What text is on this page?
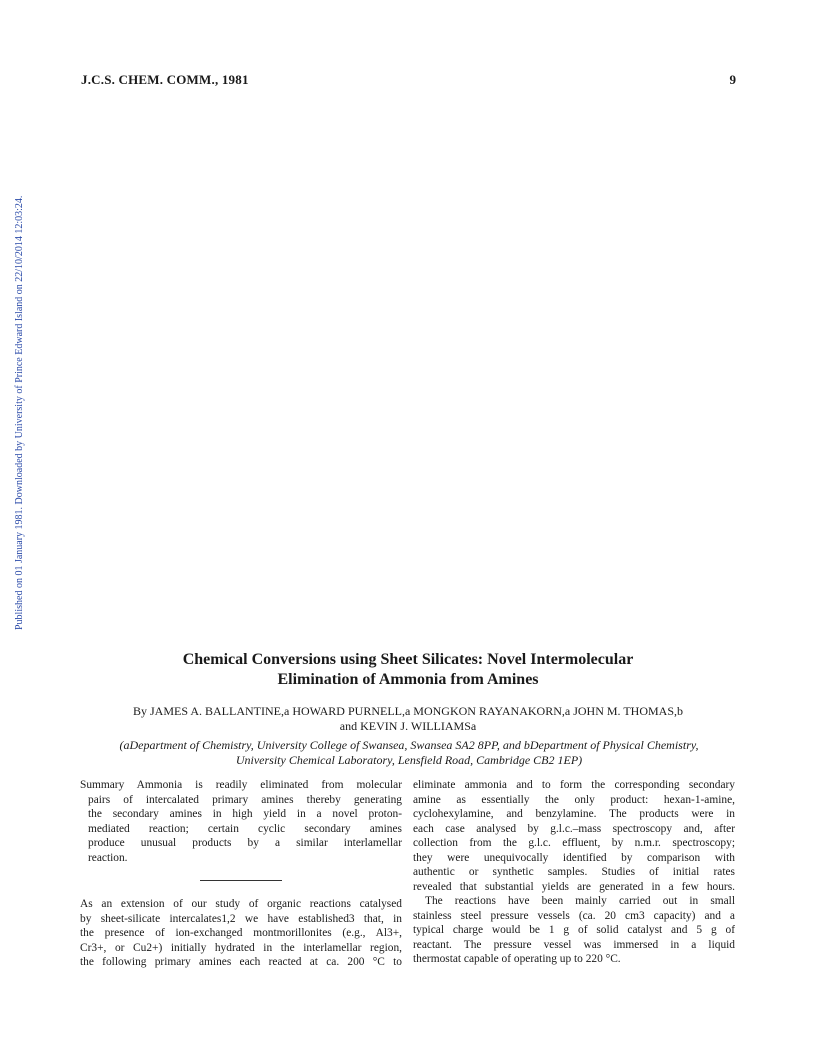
J.C.S. CHEM. COMM., 1981	9
Published on 01 January 1981. Downloaded by University of Prince Edward Island on 22/10/2014 12:03:24.
Chemical Conversions using Sheet Silicates: Novel Intermolecular
Elimination of Ammonia from Amines
By JAMES A. BALLANTINE,a HOWARD PURNELL,a MONGKON RAYANAKORN,a JOHN M. THOMAS,b
and KEVIN J. WILLIAMSa
(aDepartment of Chemistry, University College of Swansea, Swansea SA2 8PP, and bDepartment of Physical Chemistry,
University Chemical Laboratory, Lensfield Road, Cambridge CB2 1EP)
Summary Ammonia is readily eliminated from molecular
pairs of intercalated primary amines thereby generating
the secondary amines in high yield in a novel proton-
mediated reaction; certain cyclic secondary amines
produce unusual products by a similar interlamellar
reaction.
As an extension of our study of organic reactions catalysed
by sheet-silicate intercalates1,2 we have established3 that, in
the presence of ion-exchanged montmorillonites (e.g., Al3+,
Cr3+, or Cu2+) initially hydrated in the interlamellar region,
the following primary amines each reacted at ca. 200 °C to
eliminate ammonia and to form the corresponding secondary
amine as essentially the only product: hexan-1-amine,
cyclohexylamine, and benzylamine. The products were in
each case analysed by g.l.c.–mass spectroscopy and, after
collection from the g.l.c. effluent, by n.m.r. spectroscopy;
they were unequivocally identified by comparison with
authentic or synthetic samples. Studies of initial rates
revealed that substantial yields are generated in a few hours.
The reactions have been mainly carried out in small
stainless steel pressure vessels (ca. 20 cm3 capacity) and a
typical charge would be 1 g of solid catalyst and 5 g of
reactant. The pressure vessel was immersed in a liquid
thermostat capable of operating up to 220 °C.
